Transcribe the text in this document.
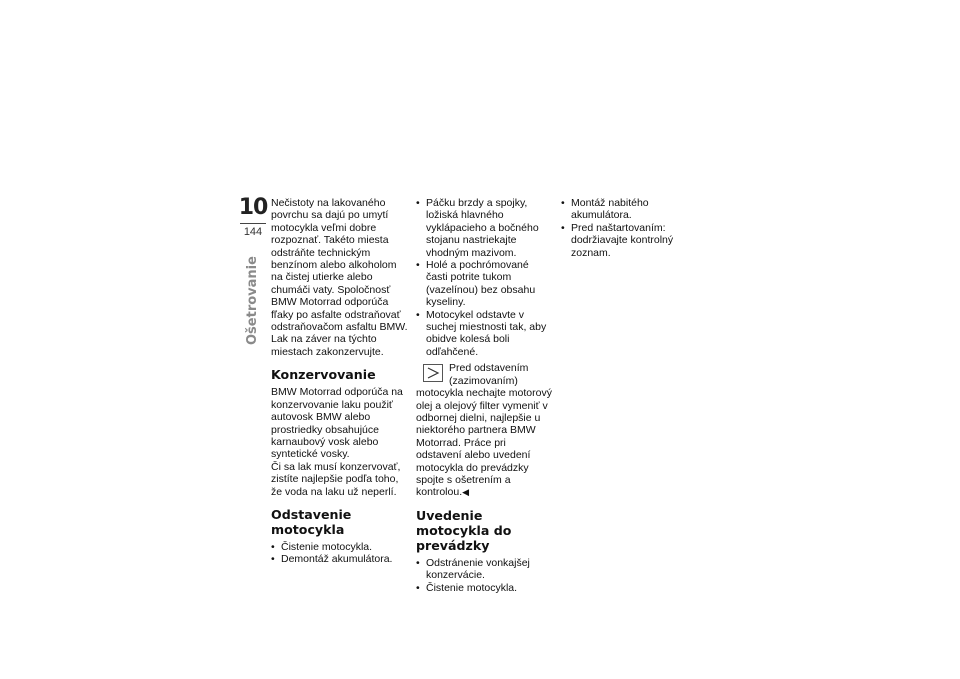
10
144
Ošetrovanie

Nečistoty na lakovaného povrchu sa dajú po umytí motocykla veľmi dobre rozpoznať. Takéto miesta odstráňte technickým benzínom alebo alkoholom na čistej utierke alebo chumáči vaty. Spoločnosť BMW Motorrad odporúča fľaky po asfalte odstraňovať odstraňovačom asfaltu BMW. Lak na záver na týchto miestach zakonzervujte.

Konzervovanie

BMW Motorrad odporúča na konzervovanie laku použiť autovosk BMW alebo prostriedky obsahujúce karnaubový vosk alebo syntetické vosky.

Či sa lak musí konzervovať, zistíte najlepšie podľa toho, že voda na laku už neperlí.

Odstavenie motocykla
• Čistenie motocykla.
• Demontáž akumulátora.
• Páčku brzdy a spojky, ložiská hlavného vyklápacieho a bočného stojanu nastriekajte vhodným mazivom.
• Holé a pochrómované časti potrite tukom (vazelínou) bez obsahu kyseliny.
• Motocykel odstavte v suchej miestnosti tak, aby obidve kolesá boli odľahčené.
Pred odstavením (zazimovaním) motocykla nechajte motorový olej a olejový filter vymeniť v odbornej dielni, najlepšie u niektorého partnera BMW Motorrad. Práce pri odstavení alebo uvedení motocykla do prevádzky spojte s ošetrením a kontrolou.◀
Uvedenie motocykla do prevádzky
• Odstránenie vonkajšej konzervácie.
• Čistenie motocykla.
• Montáž nabitého akumulátora.
• Pred naštartovaním: dodržiavajte kontrolný zoznam.
